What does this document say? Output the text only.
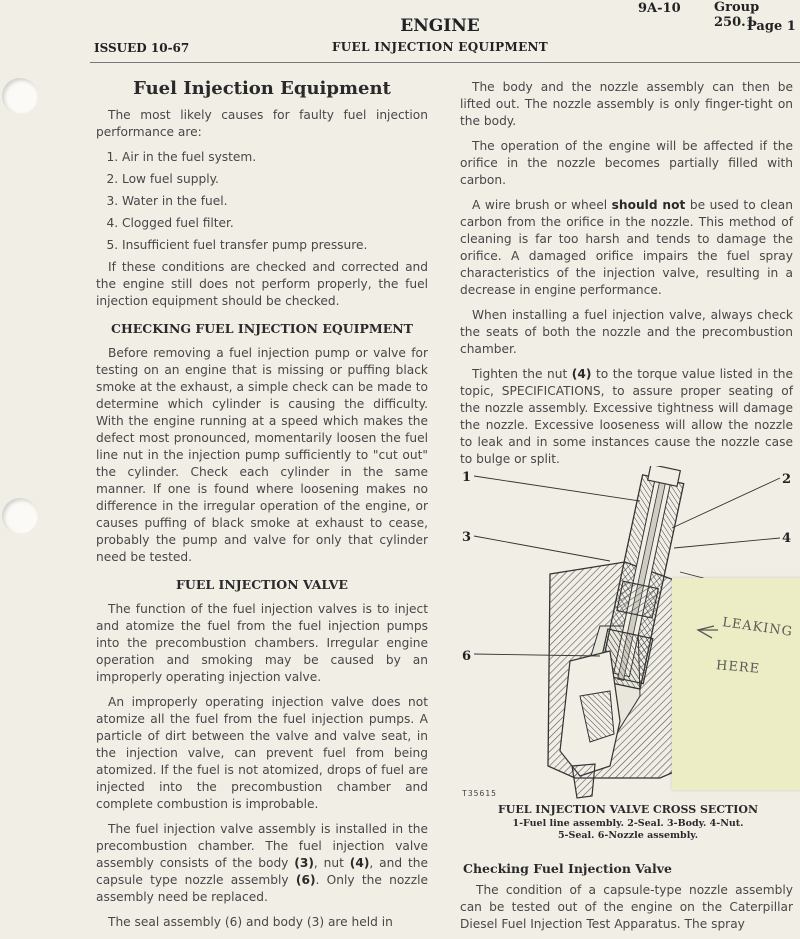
9A-10	Group 250.1
Page 1
ENGINE
FUEL INJECTION EQUIPMENT
ISSUED 10-67
Fuel Injection Equipment

The most likely causes for faulty fuel injection performance are:

1. Air in the fuel system.
2. Low fuel supply.
3. Water in the fuel.
4. Clogged fuel filter.
5. Insufficient fuel transfer pump pressure.

If these conditions are checked and corrected and the engine still does not perform properly, the fuel injection equipment should be checked.

CHECKING FUEL INJECTION EQUIPMENT

Before removing a fuel injection pump or valve for testing on an engine that is missing or puffing black smoke at the exhaust, a simple check can be made to determine which cylinder is causing the difficulty. With the engine running at a speed which makes the defect most pronounced, momentarily loosen the fuel line nut in the injection pump sufficiently to "cut out" the cylinder. Check each cylinder in the same manner. If one is found where loosening makes no difference in the irregular operation of the engine, or causes puffing of black smoke at exhaust to cease, probably the pump and valve for only that cylinder need be tested.

FUEL INJECTION VALVE

The function of the fuel injection valves is to inject and atomize the fuel from the fuel injection pumps into the precombustion chambers. Irregular engine operation and smoking may be caused by an improperly operating injection valve.

An improperly operating injection valve does not atomize all the fuel from the fuel injection pumps. A particle of dirt between the valve and valve seat, in the injection valve, can prevent fuel from being atomized. If the fuel is not atomized, drops of fuel are injected into the precombustion chamber and complete combustion is improbable.

The fuel injection valve assembly is installed in the precombustion chamber. The fuel injection valve assembly consists of the body (3), nut (4), and the capsule type nozzle assembly (6). Only the nozzle assembly need be replaced.

The seal assembly (6) and body (3) are held in

The body and the nozzle assembly can then be lifted out. The nozzle assembly is only finger-tight on the body.

The operation of the engine will be affected if the orifice in the nozzle becomes partially filled with carbon.

A wire brush or wheel should not be used to clean carbon from the orifice in the nozzle. This method of cleaning is far too harsh and tends to damage the orifice. A damaged orifice impairs the fuel spray characteristics of the injection valve, resulting in a decrease in engine performance.

When installing a fuel injection valve, always check the seats of both the nozzle and the precombustion chamber.

Tighten the nut (4) to the torque value listed in the topic, SPECIFICATIONS, to assure proper seating of the nozzle assembly. Excessive tightness will damage the nozzle. Excessive looseness will allow the nozzle to leak and in some instances cause the nozzle case to bulge or split.

1	2
3	4
6
T35615
LEAKING
HERE
FUEL INJECTION VALVE CROSS SECTION
1-Fuel line assembly. 2-Seal. 3-Body. 4-Nut.
5-Seal. 6-Nozzle assembly.
Checking Fuel Injection Valve
The condition of a capsule-type nozzle assembly can be tested out of the engine on the Caterpillar Diesel Fuel Injection Test Apparatus. The spray
